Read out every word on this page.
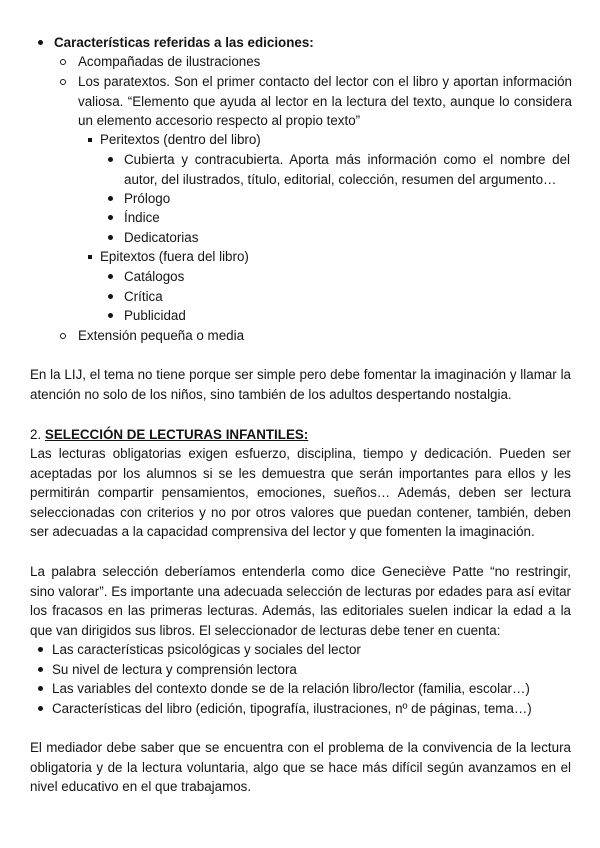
Características referidas a las ediciones:
Acompañadas de ilustraciones
Los paratextos. Son el primer contacto del lector con el libro y aportan información valiosa. “Elemento que ayuda al lector en la lectura del texto, aunque lo considera un elemento accesorio respecto al propio texto”
Peritextos (dentro del libro)
Cubierta y contracubierta. Aporta más información como el nombre del autor, del ilustrados, título, editorial, colección, resumen del argumento…
Prólogo
Índice
Dedicatorias
Epitextos (fuera del libro)
Catálogos
Crítica
Publicidad
Extensión pequeña o media
En la LIJ, el tema no tiene porque ser simple pero debe fomentar la imaginación y llamar la atención no solo de los niños, sino también de los adultos despertando nostalgia.
2. SELECCIÓN DE LECTURAS INFANTILES:
Las lecturas obligatorias exigen esfuerzo, disciplina, tiempo y dedicación. Pueden ser aceptadas por los alumnos si se les demuestra que serán importantes para ellos y les permitirán compartir pensamientos, emociones, sueños… Además, deben ser lectura seleccionadas con criterios y no por otros valores que puedan contener, también, deben ser adecuadas a la capacidad comprensiva del lector y que fomenten la imaginación.
La palabra selección deberíamos entenderla como dice Geneciève Patte “no restringir, sino valorar”. Es importante una adecuada selección de lecturas por edades para así evitar los fracasos en las primeras lecturas. Además, las editoriales suelen indicar la edad a la que van dirigidos sus libros. El seleccionador de lecturas debe tener en cuenta:
Las características psicológicas y sociales del lector
Su nivel de lectura y comprensión lectora
Las variables del contexto donde se de la relación libro/lector (familia, escolar…)
Características del libro (edición, tipografía, ilustraciones, nº de páginas, tema…)
El mediador debe saber que se encuentra con el problema de la convivencia de la lectura obligatoria y de la lectura voluntaria, algo que se hace más difícil según avanzamos en el nivel educativo en el que trabajamos.
